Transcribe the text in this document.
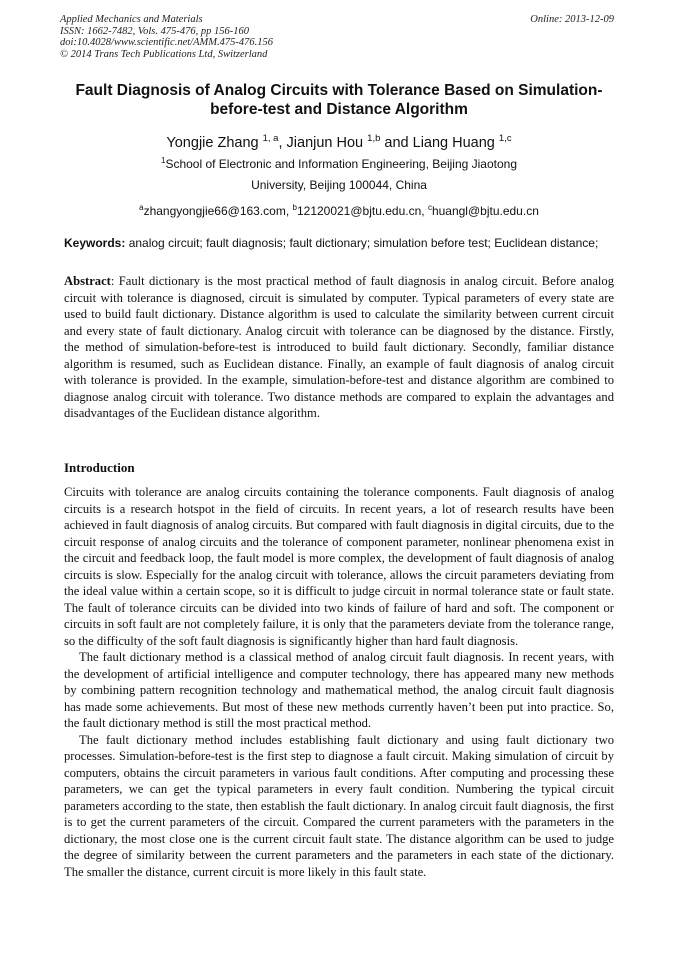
Applied Mechanics and Materials
ISSN: 1662-7482, Vols. 475-476, pp 156-160
doi:10.4028/www.scientific.net/AMM.475-476.156
© 2014 Trans Tech Publications Ltd, Switzerland
Online: 2013-12-09
Fault Diagnosis of Analog Circuits with Tolerance Based on Simulation-before-test and Distance Algorithm
Yongjie Zhang $^{1, a}$, Jianjun Hou $^{1,b}$ and Liang Huang $^{1,c}$
$^1$School of Electronic and Information Engineering, Beijing Jiaotong
University, Beijing 100044, China
$^a$zhangyongjie66@163.com, $^b$12120021@bjtu.edu.cn, $^c$huangl@bjtu.edu.cn
Keywords: analog circuit; fault diagnosis; fault dictionary; simulation before test; Euclidean distance;

Abstract: Fault dictionary is the most practical method of fault diagnosis in analog circuit. Before analog circuit with tolerance is diagnosed, circuit is simulated by computer. Typical parameters of every state are used to build fault dictionary. Distance algorithm is used to calculate the similarity between current circuit and every state of fault dictionary. Analog circuit with tolerance can be diagnosed by the distance. Firstly, the method of simulation-before-test is introduced to build fault dictionary. Secondly, familiar distance algorithm is resumed, such as Euclidean distance. Finally, an example of fault diagnosis of analog circuit with tolerance is provided. In the example, simulation-before-test and distance algorithm are combined to diagnose analog circuit with tolerance. Two distance methods are compared to explain the advantages and disadvantages of the Euclidean distance algorithm.

Introduction

Circuits with tolerance are analog circuits containing the tolerance components. Fault diagnosis of analog circuits is a research hotspot in the field of circuits. In recent years, a lot of research results have been achieved in fault diagnosis of analog circuits. But compared with fault diagnosis in digital circuits, due to the circuit response of analog circuits and the tolerance of component parameter, nonlinear phenomena exist in the circuit and feedback loop, the fault model is more complex, the development of fault diagnosis of analog circuits is slow. Especially for the analog circuit with tolerance, allows the circuit parameters deviating from the ideal value within a certain scope, so it is difficult to judge circuit in normal tolerance state or fault state. The fault of tolerance circuits can be divided into two kinds of failure of hard and soft. The component or circuits in soft fault are not completely failure, it is only that the parameters deviate from the tolerance range, so the difficulty of the soft fault diagnosis is significantly higher than hard fault diagnosis.

The fault dictionary method is a classical method of analog circuit fault diagnosis. In recent years, with the development of artificial intelligence and computer technology, there has appeared many new methods by combining pattern recognition technology and mathematical method, the analog circuit fault diagnosis has made some achievements. But most of these new methods currently haven’t been put into practice. So, the fault dictionary method is still the most practical method.

The fault dictionary method includes establishing fault dictionary and using fault dictionary two processes. Simulation-before-test is the first step to diagnose a fault circuit. Making simulation of circuit by computers, obtains the circuit parameters in various fault conditions. After computing and processing these parameters, we can get the typical parameters in every fault condition. Numbering the typical circuit parameters according to the state, then establish the fault dictionary. In analog circuit fault diagnosis, the first is to get the current parameters of the circuit. Compared the current parameters with the parameters in the dictionary, the most close one is the current circuit fault state. The distance algorithm can be used to judge the degree of similarity between the current parameters and the parameters in each state of the dictionary. The smaller the distance, current circuit is more likely in this fault state.
